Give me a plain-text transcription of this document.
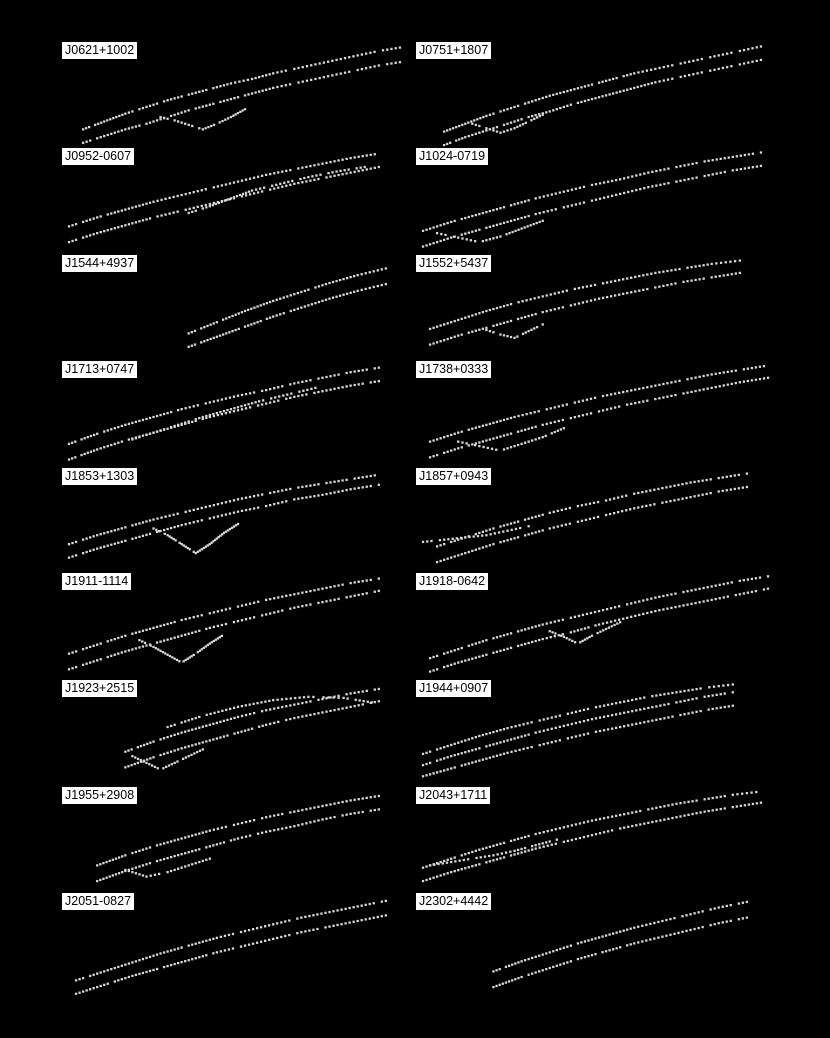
J0621+1002	J0751+1807
J0952-0607	J1024-0719
J1544+4937	J1552+5437
J1713+0747	J1738+0333
J1853+1303	J1857+0943
J1911-1114	J1918-0642
J1923+2515	J1944+0907
J1955+2908	J2043+1711
J2051-0827	J2302+4442
